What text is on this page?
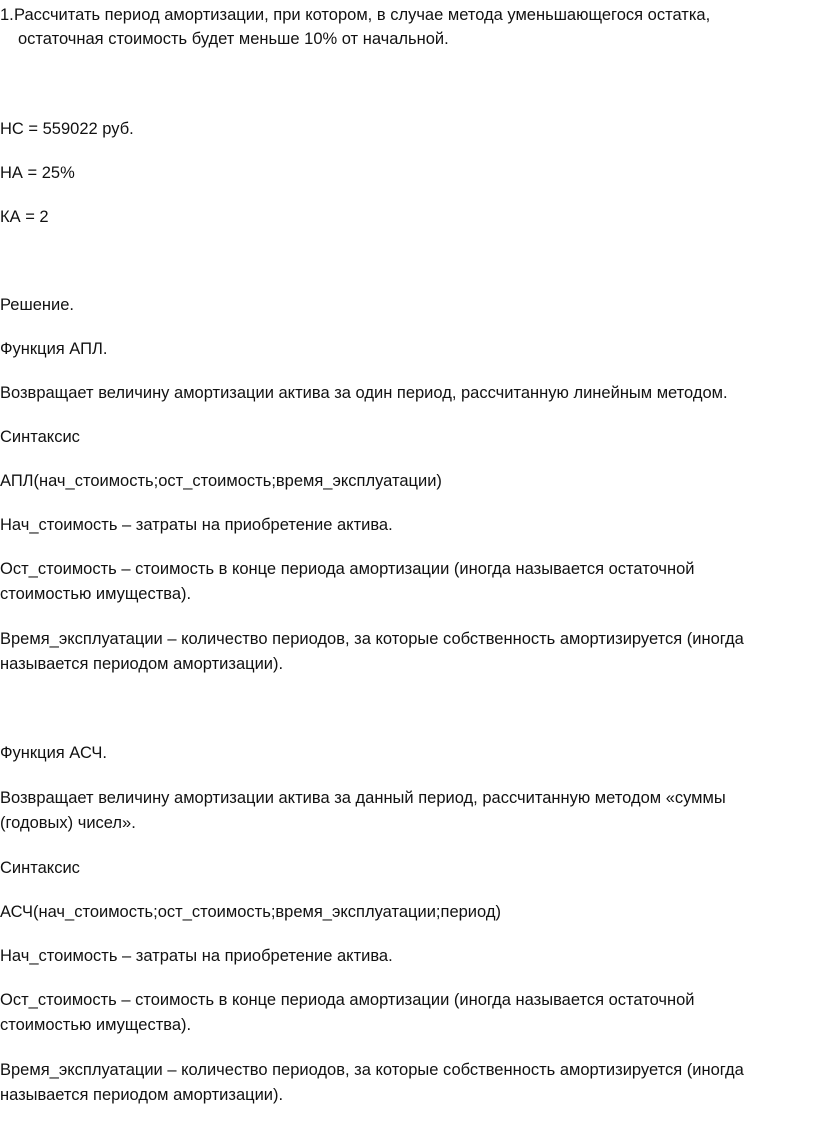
1. Рассчитать период амортизации, при котором, в случае метода уменьшающегося остатка,
остаточная стоимость будет меньше 10% от начальной.
НС = 559022 руб.
НА = 25%
КА = 2
Решение.
Функция АПЛ.
Возвращает величину амортизации актива за один период, рассчитанную линейным методом.
Синтаксис
АПЛ(нач_стоимость;ост_стоимость;время_эксплуатации)
Нач_стоимость – затраты на приобретение актива.
Ост_стоимость – стоимость в конце периода амортизации (иногда называется остаточной
стоимостью имущества).
Время_эксплуатации – количество периодов, за которые собственность амортизируется (иногда
называется периодом амортизации).
Функция АСЧ.
Возвращает величину амортизации актива за данный период, рассчитанную методом «суммы
(годовых) чисел».
Синтаксис
АСЧ(нач_стоимость;ост_стоимость;время_эксплуатации;период)
Нач_стоимость – затраты на приобретение актива.
Ост_стоимость – стоимость в конце периода амортизации (иногда называется остаточной
стоимостью имущества).
Время_эксплуатации – количество периодов, за которые собственность амортизируется (иногда
называется периодом амортизации).
